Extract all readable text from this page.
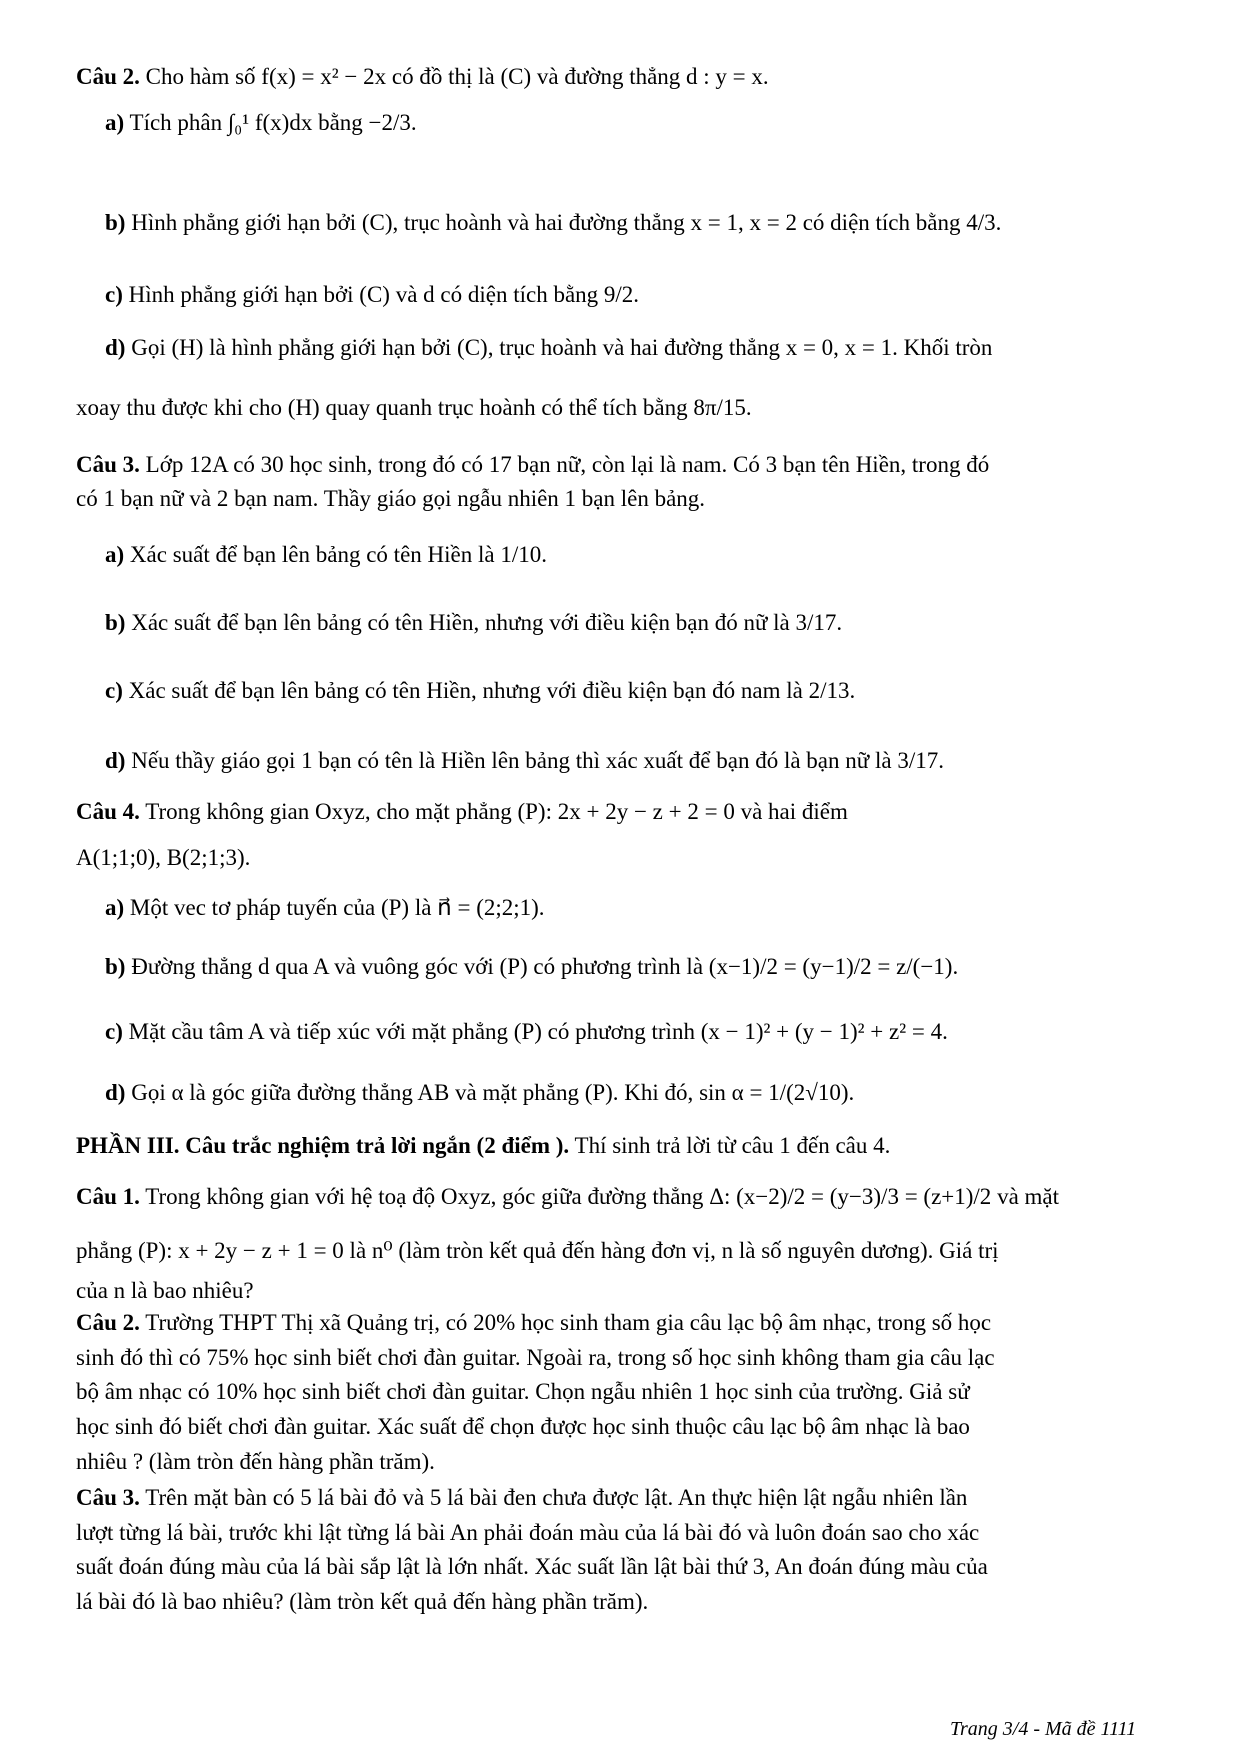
Câu 2. Cho hàm số f(x) = x² − 2x có đồ thị là (C) và đường thẳng d : y = x.
a) Tích phân ∫₀¹ f(x)dx bằng −2/3.
b) Hình phẳng giới hạn bởi (C), trục hoành và hai đường thẳng x = 1, x = 2 có diện tích bằng 4/3.
c) Hình phẳng giới hạn bởi (C) và d có diện tích bằng 9/2.
d) Gọi (H) là hình phẳng giới hạn bởi (C), trục hoành và hai đường thẳng x = 0, x = 1. Khối tròn
xoay thu được khi cho (H) quay quanh trục hoành có thể tích bằng 8π/15.
Câu 3. Lớp 12A có 30 học sinh, trong đó có 17 bạn nữ, còn lại là nam. Có 3 bạn tên Hiền, trong đó
có 1 bạn nữ và 2 bạn nam. Thầy giáo gọi ngẫu nhiên 1 bạn lên bảng.
a) Xác suất để bạn lên bảng có tên Hiền là 1/10.
b) Xác suất để bạn lên bảng có tên Hiền, nhưng với điều kiện bạn đó nữ là 3/17.
c) Xác suất để bạn lên bảng có tên Hiền, nhưng với điều kiện bạn đó nam là 2/13.
d) Nếu thầy giáo gọi 1 bạn có tên là Hiền lên bảng thì xác xuất để bạn đó là bạn nữ là 3/17.
Câu 4. Trong không gian Oxyz, cho mặt phẳng (P): 2x + 2y − z + 2 = 0 và hai điểm
A(1;1;0), B(2;1;3).
a) Một vec tơ pháp tuyến của (P) là n⃗ = (2;2;1).
b) Đường thẳng d qua A và vuông góc với (P) có phương trình là (x−1)/2 = (y−1)/2 = z/(−1).
c) Mặt cầu tâm A và tiếp xúc với mặt phẳng (P) có phương trình (x − 1)² + (y − 1)² + z² = 4.
d) Gọi α là góc giữa đường thẳng AB và mặt phẳng (P). Khi đó, sin α = 1/(2√10).
PHẦN III. Câu trắc nghiệm trả lời ngắn (2 điểm ). Thí sinh trả lời từ câu 1 đến câu 4.
Câu 1. Trong không gian với hệ toạ độ Oxyz, góc giữa đường thẳng Δ: (x−2)/2 = (y−3)/3 = (z+1)/2 và mặt
phẳng (P): x + 2y − z + 1 = 0 là n⁰ (làm tròn kết quả đến hàng đơn vị, n là số nguyên dương). Giá trị
của n là bao nhiêu?
Câu 2. Trường THPT Thị xã Quảng trị, có 20% học sinh tham gia câu lạc bộ âm nhạc, trong số học
sinh đó thì có 75% học sinh biết chơi đàn guitar. Ngoài ra, trong số học sinh không tham gia câu lạc
bộ âm nhạc có 10% học sinh biết chơi đàn guitar. Chọn ngẫu nhiên 1 học sinh của trường. Giả sử
học sinh đó biết chơi đàn guitar. Xác suất để chọn được học sinh thuộc câu lạc bộ âm nhạc là bao
nhiêu ? (làm tròn đến hàng phần trăm).
Câu 3. Trên mặt bàn có 5 lá bài đỏ và 5 lá bài đen chưa được lật. An thực hiện lật ngẫu nhiên lần
lượt từng lá bài, trước khi lật từng lá bài An phải đoán màu của lá bài đó và luôn đoán sao cho xác
suất đoán đúng màu của lá bài sắp lật là lớn nhất. Xác suất lần lật bài thứ 3, An đoán đúng màu của
lá bài đó là bao nhiêu? (làm tròn kết quả đến hàng phần trăm).
Trang 3/4 - Mã đề 1111
